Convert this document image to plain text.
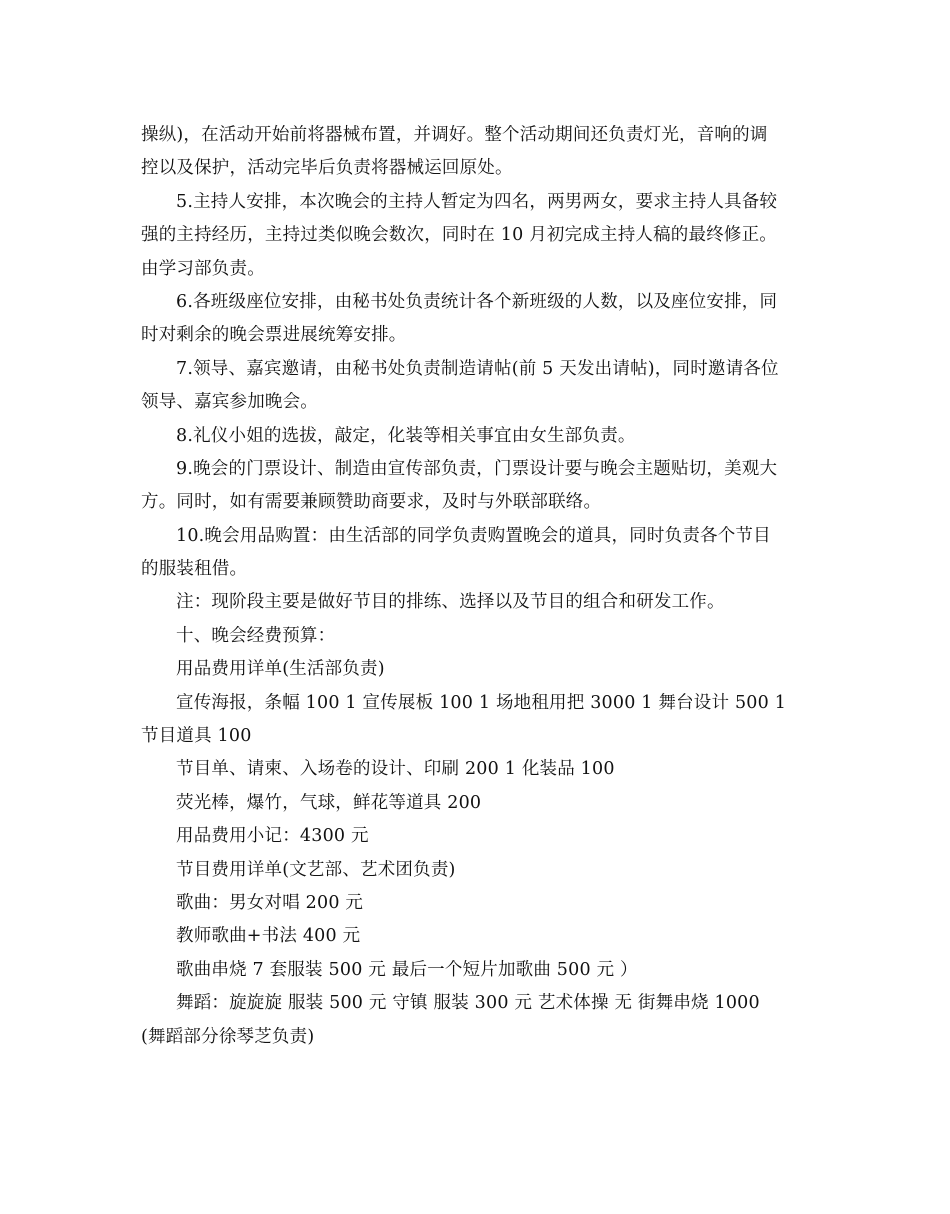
操纵)，在活动开始前将器械布置，并调好。整个活动期间还负责灯光，音响的调
控以及保护，活动完毕后负责将器械运回原处。
5.主持人安排，本次晚会的主持人暂定为四名，两男两女，要求主持人具备较
强的主持经历，主持过类似晚会数次，同时在 10 月初完成主持人稿的最终修正。
由学习部负责。
6.各班级座位安排，由秘书处负责统计各个新班级的人数，以及座位安排，同
时对剩余的晚会票进展统筹安排。
7.领导、嘉宾邀请，由秘书处负责制造请帖(前 5 天发出请帖)，同时邀请各位
领导、嘉宾参加晚会。
8.礼仪小姐的选拔，敲定，化装等相关事宜由女生部负责。
9.晚会的门票设计、制造由宣传部负责，门票设计要与晚会主题贴切，美观大
方。同时，如有需要兼顾赞助商要求，及时与外联部联络。
10.晚会用品购置：由生活部的同学负责购置晚会的道具，同时负责各个节目
的服装租借。
注：现阶段主要是做好节目的排练、选择以及节目的组合和研发工作。
十、晚会经费预算：
用品费用详单(生活部负责)
宣传海报，条幅 100 1 宣传展板 100 1 场地租用把 3000 1 舞台设计 500 1
节目道具 100
节目单、请柬、入场卷的设计、印刷 200 1 化装品 100
荧光棒，爆竹，气球，鲜花等道具 200
用品费用小记：4300 元
节目费用详单(文艺部、艺术团负责)
歌曲：男女对唱 200 元
教师歌曲+书法 400 元
歌曲串烧 7 套服装 500 元 最后一个短片加歌曲 500 元 ）
舞蹈：旋旋旋 服装 500 元 守镇 服装 300 元 艺术体操 无 街舞串烧 1000
(舞蹈部分徐琴芝负责)
